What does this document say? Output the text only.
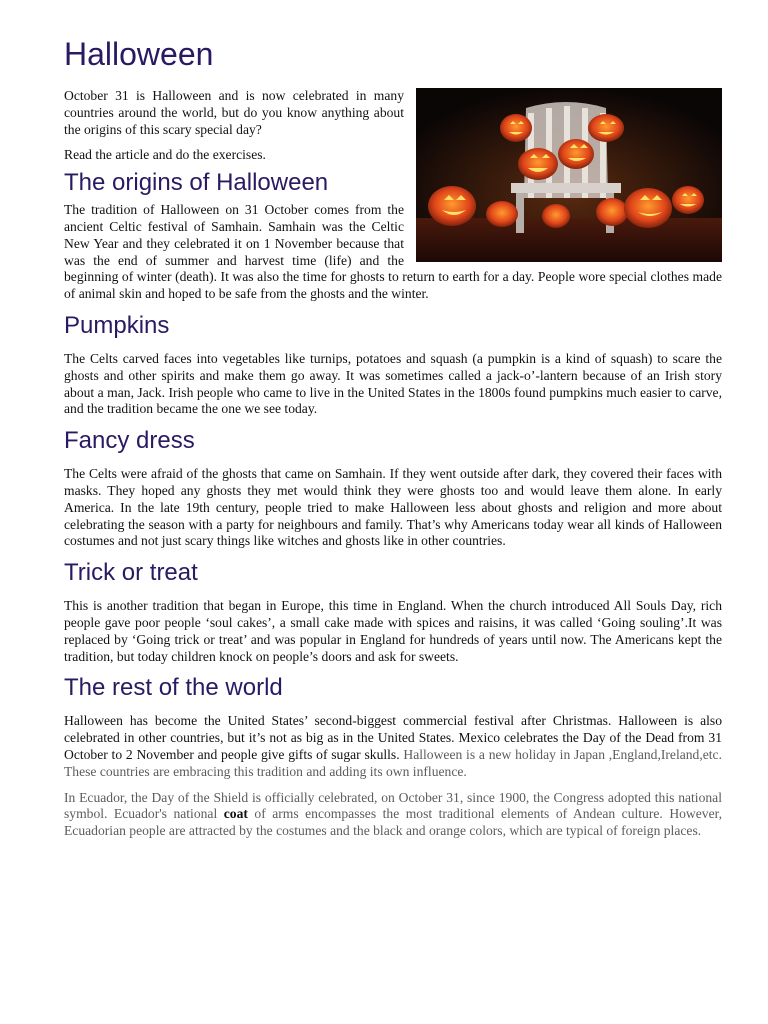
Halloween

October 31 is Halloween and is now celebrated in many countries around the world, but do you know anything about the origins of this scary special day?

Read the article and do the exercises.

The origins of Halloween

The tradition of Halloween on 31 October comes from the ancient Celtic festival of Samhain. Samhain was the Celtic New Year and they celebrated it on 1 November because that was the end of summer and harvest time (life) and the beginning of winter (death). It was also the time for ghosts to return to earth for a day. People wore special clothes made of animal skin and hoped to be safe from the ghosts and the winter.

Pumpkins

The Celts carved faces into vegetables like turnips, potatoes and squash (a pumpkin is a kind of squash) to scare the ghosts and other spirits and make them go away. It was sometimes called a jack-o’-lantern because of an Irish story about a man, Jack. Irish people who came to live in the United States in the 1800s found pumpkins much easier to carve, and the tradition became the one we see today.

Fancy dress

The Celts were afraid of the ghosts that came on Samhain. If they went outside after dark, they covered their faces with masks. They hoped any ghosts they met would think they were ghosts too and would leave them alone. In early America. In the late 19th century, people tried to make Halloween less about ghosts and religion and more about celebrating the season with a party for neighbours and family. That’s why Americans today wear all kinds of Halloween costumes and not just scary things like witches and ghosts like in other countries.

Trick or treat

This is another tradition that began in Europe, this time in England. When the church introduced All Souls Day, rich people gave poor people ‘soul cakes’, a small cake made with spices and raisins, it was called ‘Going souling’.It was replaced by ‘Going trick or treat’ and was popular in England for hundreds of years until now. The Americans kept the tradition, but today children knock on people’s doors and ask for sweets.

The rest of the world

Halloween has become the United States’ second-biggest commercial festival after Christmas. Halloween is also celebrated in other countries, but it’s not as big as in the United States. Mexico celebrates the Day of the Dead from 31 October to 2 November and people give gifts of sugar skulls. Halloween is a new holiday in Japan ,England,Ireland,etc. These countries are embracing this tradition and adding its own influence.

In Ecuador, the Day of the Shield is officially celebrated, on October 31, since 1900, the Congress adopted this national symbol. Ecuador's national coat of arms encompasses the most traditional elements of Andean culture. However, Ecuadorian people are attracted by the costumes and the black and orange colors, which are typical of foreign places.
